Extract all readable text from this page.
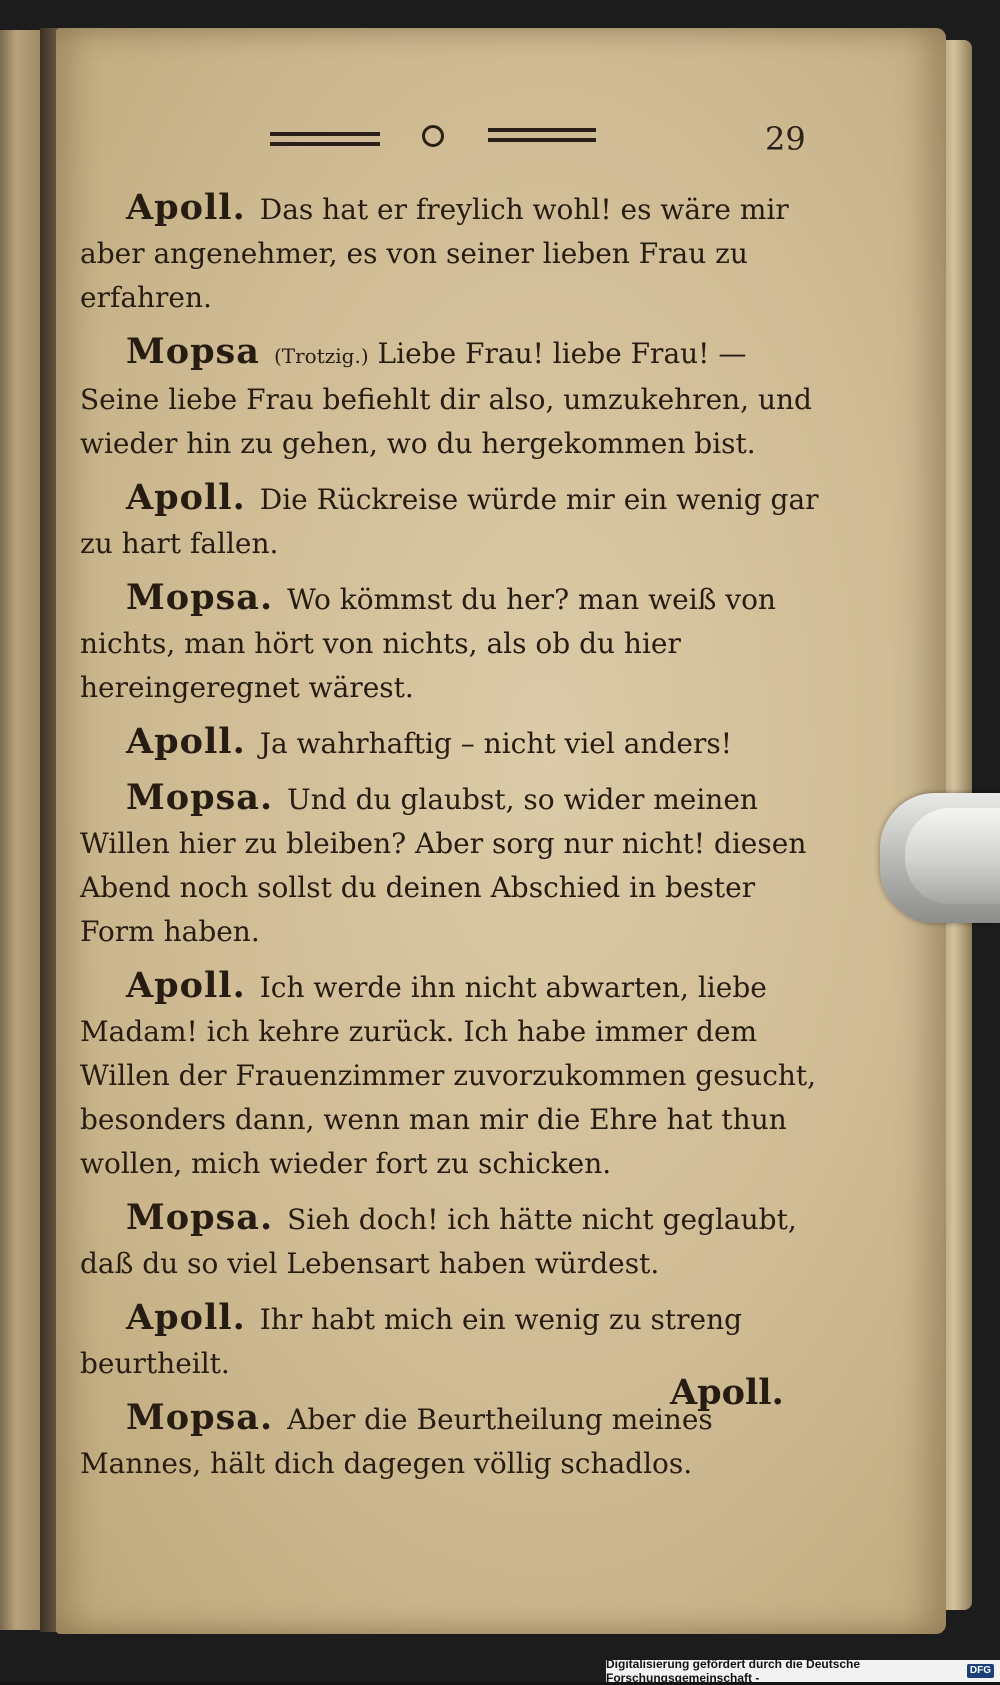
29

Apoll. Das hat er freylich wohl! es wäre mir aber angenehmer, es von seiner lieben Frau zu erfahren.

Mopsa (Trotzig.) Liebe Frau! liebe Frau! — Seine liebe Frau befiehlt dir also, umzukehren, und wieder hin zu gehen, wo du hergekommen bist.

Apoll. Die Rückreise würde mir ein wenig gar zu hart fallen.

Mopsa. Wo kömmst du her? man weiß von nichts, man hört von nichts, als ob du hier hereingeregnet wärest.

Apoll. Ja wahrhaftig – nicht viel anders!

Mopsa. Und du glaubst, so wider meinen Willen hier zu bleiben? Aber sorg nur nicht! diesen Abend noch sollst du deinen Abschied in bester Form haben.

Apoll. Ich werde ihn nicht abwarten, liebe Madam! ich kehre zurück. Ich habe immer dem Willen der Frauenzimmer zuvorzukommen gesucht, besonders dann, wenn man mir die Ehre hat thun wollen, mich wieder fort zu schicken.

Mopsa. Sieh doch! ich hätte nicht geglaubt, daß du so viel Lebensart haben würdest.

Apoll. Ihr habt mich ein wenig zu streng beurtheilt.

Mopsa. Aber die Beurtheilung meines Mannes, hält dich dagegen völlig schadlos.

Apoll.
Digitalisierung gefördert durch die Deutsche Forschungsgemeinschaft -
DFG
